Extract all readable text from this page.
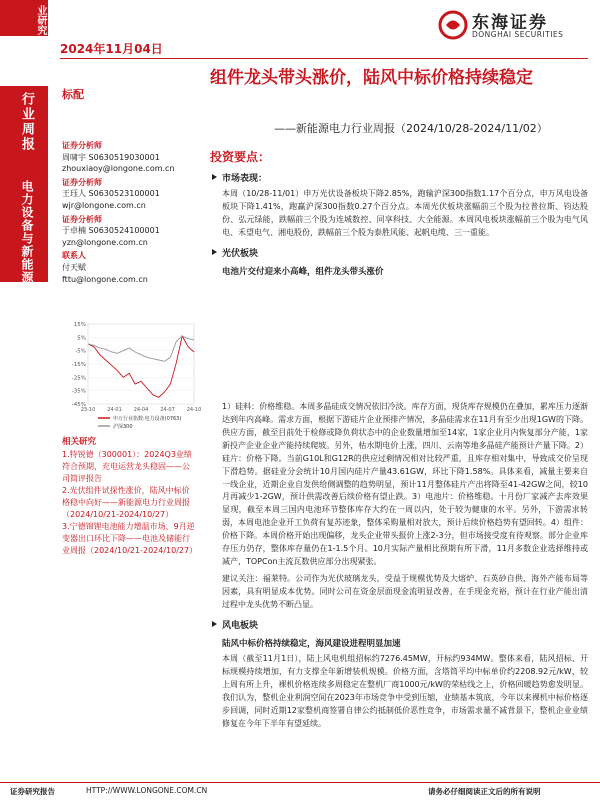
业研究
2024年11月04日
东海证券
DONGHAI SECURITIES
行业周报
电力设备与新能源
标配
组件龙头带头涨价，陆风中标价格持续稳定
——新能源电力行业周报（2024/10/28-2024/11/02）
证券分析师
周啸宇 S0630519030001
zhouxiaoy@longone.com.cn
证券分析师
王珏人 S0630523100001
wjr@longone.com.cn
证券分析师
于卓楠 S0630524100001
yzn@longone.com.cn
联系人
付天赋
fttu@longone.com.cn
15%
5%
-5%
-15%
-25%
-35%
-45%
23-10 24-01 24-04 24-07 24-10
申万行业指数:电力设备(0763)
沪深300
相关研究
1.特锐德（300001）：2024Q3业绩符合预期，充电运营龙头稳固——公司简评报告
2.光伏组件试探性涨价，陆风中标价格稳中向好——新能源电力行业周报（2024/10/21-2024/10/27）
3.宁德锦锂电池能力增温市场，9月逆变器出口环比下降——电池及储能行业周报（2024/10/21-2024/10/27）
投资要点：
市场表现：
本周（10/28-11/01）申万光伏设备板块下降2.85%，跑输沪深300指数1.17个百分点，申万风电设备板块下降1.41%，跑赢沪深300指数0.27个百分点。本周光伏板块涨幅前三个股为拉普拉斯、钧达股份、弘元绿能，跌幅前三个股为连城数控、同享科技、大全能源。本周风电板块涨幅前三个股为电气风电、禾望电气、湘电股份，跌幅前三个股为泰胜风能、起帆电缆、三一重能。
光伏板块
电池片交付迎来小高峰，组件龙头带头涨价
1）硅料：价格维稳。本周多晶硅成交情况依旧冷淡。库存方面，现货库存规模仍在叠加，累库压力逐渐达到年内高峰。需求方面，根据下游硅片企业预排产情况，多晶硅需求在11月有至少出现1GW的下降。供应方面，截至目前处于检修或降负荷状态中的企业数量增加至14家，1家企业月内恢复部分产能，1家新投产企业企业产能持续爬坡。另外，枯水期电价上涨，四川、云南等地多晶硅产能预计产量下降。2）硅片：价格下降。当前G10L和G12R的供应过剩情况相对比较严重，且库存相对集中，导致成交价呈现下滑趋势。据硅业分会统计10月国内硅片产量43.61GW，环比下降1.58%。具体来看，减量主要来自一线企业，近期企业自发供给侧调整的趋势明显，预计11月整体硅片产出将降至41-42GW之间，较10月再减少1-2GW，预计供需改善后续价格有望止跌。3）电池片：价格维稳。十月份厂家减产去库效果显现，截至本周三国内电池环节整体库存大约在一周以内，处于较为健康的水平。另外，下游需求转弱，本周电池企业开工负荷有复苏迹象，整体采购量相对放大，预计后续价格趋势有望回转。4）组件：价格下降。本周价格开始出现偏移，龙头企业带头报价上涨2-3分，但市场接受度有待观察。部分企业库存压力仍存，整体库存量仍在1-1.5个月。10月实际产量相比预期有所下滑，11月多数企业选择维持或减产，TOPCon主流瓦数供应部分出现紧张。
建议关注：福莱特。公司作为光伏玻璃龙头，受益于规模优势及大熔炉、石英砂自供、海外产能布局等因素，具有明显成本优势。同时公司在资金层面现金流明显改善，在手现金充裕，预计在行业产能出清过程中龙头优势不断凸显。
风电板块
陆风中标价格持续稳定，海风建设进程明显加速
本周（截至11月1日），陆上风电机组招标约7276.45MW，开标约934MW。整体来看，陆风招标、开标规模持续增加，有力支撑全年新增装机规模。价格方面，含塔筒平均中标单价约2208.92元/kW，较上周有所上升，裸机价格连续多周稳定在整机厂商1000元/kW的荣枯线之上，价格回暖趋势愈发明显。我们认为，整机企业利润空间在2023年市场竞争中受到压缩，业绩基本筑底，今年以来裸机中标价格逐步回调，同时近期12家整机商签署自律公约抵制低价恶性竞争，市场需求量不减背景下，整机企业业绩修复在今年下半年有望延续。
证券研究报告	HTTP://WWW.LONGONE.COM.CN	请务必仔细阅读正文后的所有说明
